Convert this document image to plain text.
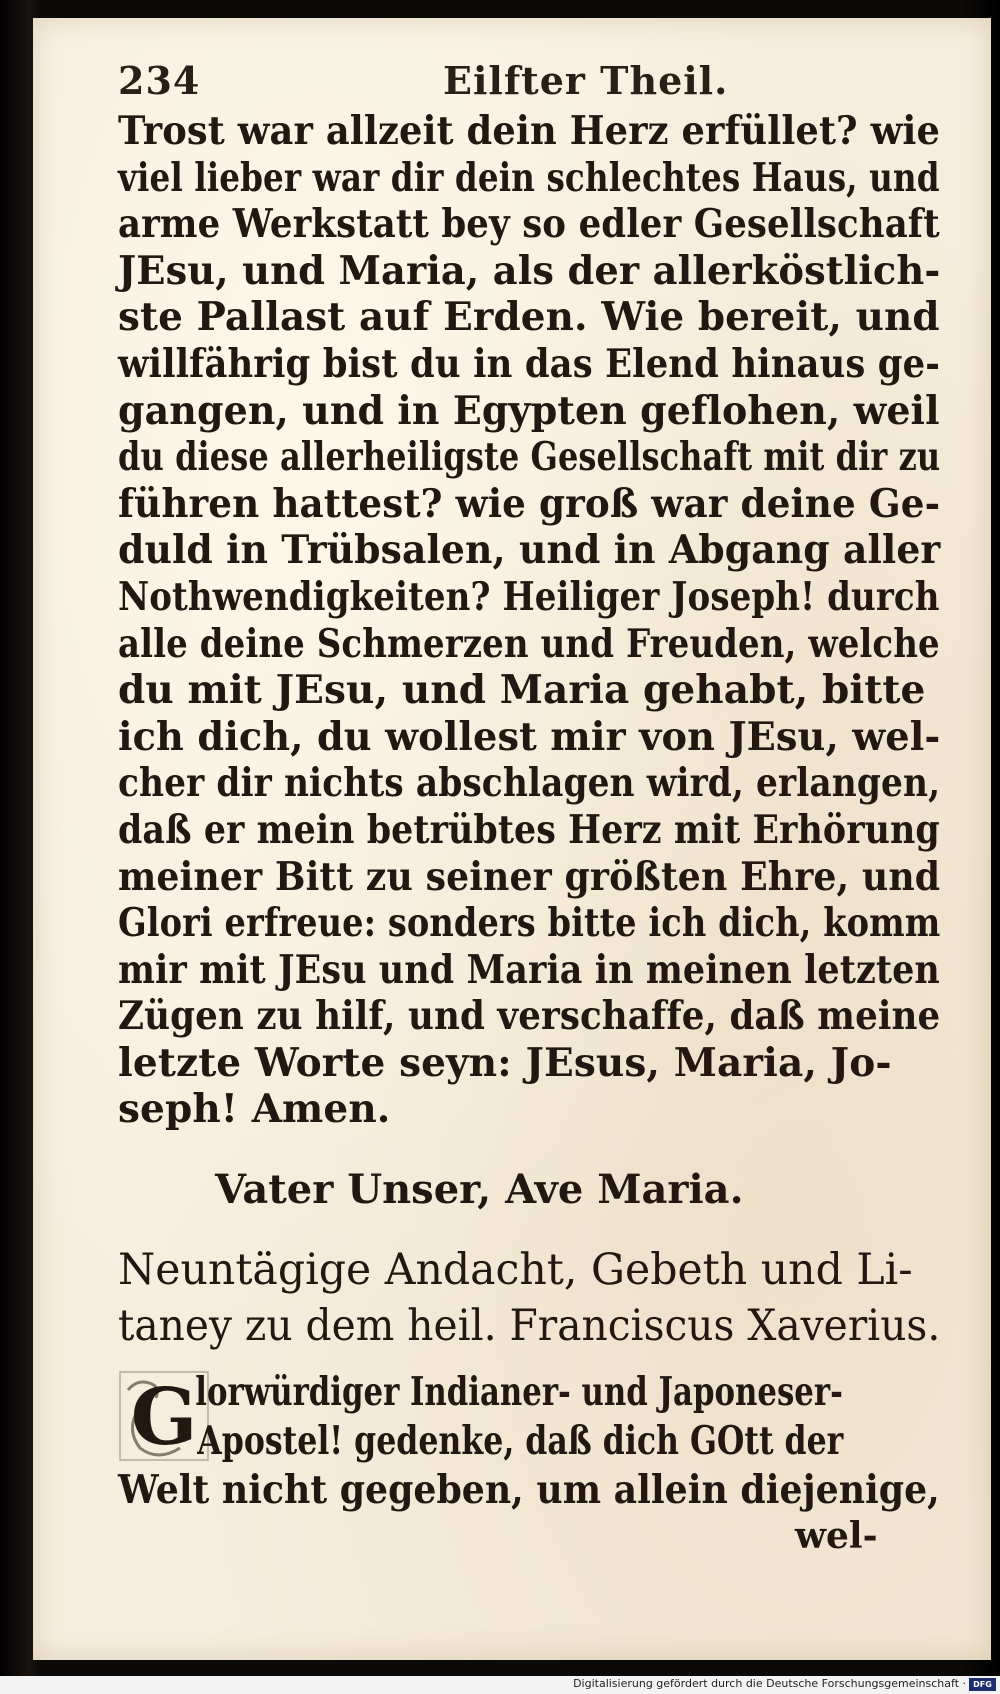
234	Eilfter Theil.
Trost war allzeit dein Herz erfüllet? wie
viel lieber war dir dein schlechtes Haus, und
arme Werkstatt bey so edler Gesellschaft
JEsu, und Maria, als der allerköstlich-
ste Pallast auf Erden. Wie bereit, und
willfährig bist du in das Elend hinaus ge-
gangen, und in Egypten geflohen, weil
du diese allerheiligste Gesellschaft mit dir zu
führen hattest? wie groß war deine Ge-
duld in Trübsalen, und in Abgang aller
Nothwendigkeiten? Heiliger Joseph! durch
alle deine Schmerzen und Freuden, welche
du mit JEsu, und Maria gehabt, bitte
ich dich, du wollest mir von JEsu, wel-
cher dir nichts abschlagen wird, erlangen,
daß er mein betrübtes Herz mit Erhörung
meiner Bitt zu seiner größten Ehre, und
Glori erfreue: sonders bitte ich dich, komm
mir mit JEsu und Maria in meinen letzten
Zügen zu hilf, und verschaffe, daß meine
letzte Worte seyn: JEsus, Maria, Jo-
seph! Amen.
Vater Unser, Ave Maria.
Neuntägige Andacht, Gebeth und Li-
taney zu dem heil. Franciscus Xaverius.
G
lorwürdiger Indianer- und Japoneser-
Apostel! gedenke, daß dich GOtt der
Welt nicht gegeben, um allein diejenige,
wel-
Digitalisierung gefördert durch die Deutsche Forschungsgemeinschaft · DFG
